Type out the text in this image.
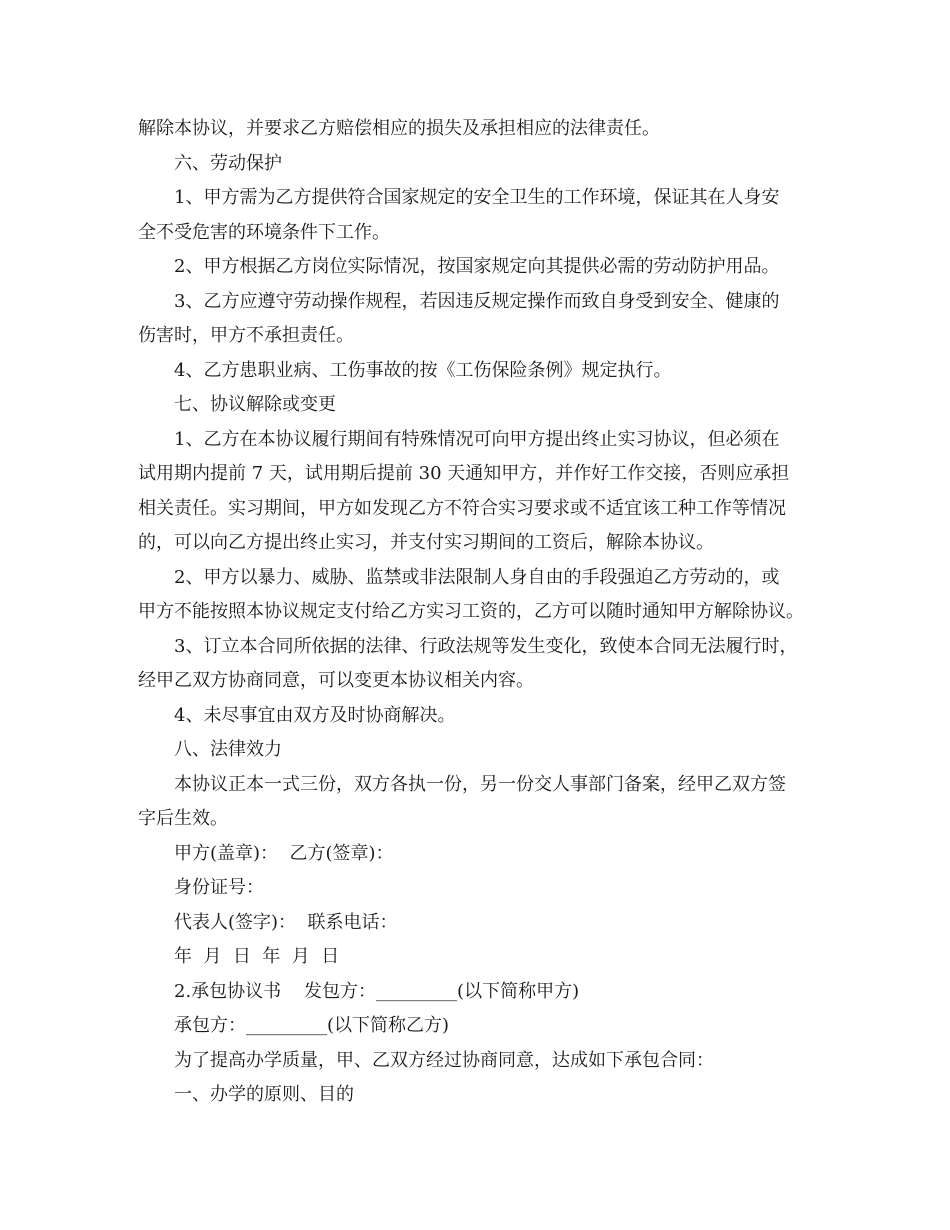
解除本协议，并要求乙方赔偿相应的损失及承担相应的法律责任。
六、劳动保护
1、甲方需为乙方提供符合国家规定的安全卫生的工作环境，保证其在人身安
全不受危害的环境条件下工作。
2、甲方根据乙方岗位实际情况，按国家规定向其提供必需的劳动防护用品。
3、乙方应遵守劳动操作规程，若因违反规定操作而致自身受到安全、健康的
伤害时，甲方不承担责任。
4、乙方患职业病、工伤事故的按《工伤保险条例》规定执行。
七、协议解除或变更
1、乙方在本协议履行期间有特殊情况可向甲方提出终止实习协议，但必须在
试用期内提前 7 天，试用期后提前 30 天通知甲方，并作好工作交接，否则应承担
相关责任。实习期间，甲方如发现乙方不符合实习要求或不适宜该工种工作等情况
的，可以向乙方提出终止实习，并支付实习期间的工资后，解除本协议。
2、甲方以暴力、威胁、监禁或非法限制人身自由的手段强迫乙方劳动的，或
甲方不能按照本协议规定支付给乙方实习工资的，乙方可以随时通知甲方解除协议。
3、订立本合同所依据的法律、行政法规等发生变化，致使本合同无法履行时，
经甲乙双方协商同意，可以变更本协议相关内容。
4、未尽事宜由双方及时协商解决。
八、法律效力
本协议正本一式三份，双方各执一份，另一份交人事部门备案，经甲乙双方签
字后生效。
甲方(盖章)：  乙方(签章)：
身份证号：
代表人(签字)：  联系电话：
年  月  日  年  月  日
2.承包协议书    发包方：_________(以下简称甲方)
承包方：_________(以下简称乙方)
为了提高办学质量，甲、乙双方经过协商同意，达成如下承包合同：
一、办学的原则、目的
